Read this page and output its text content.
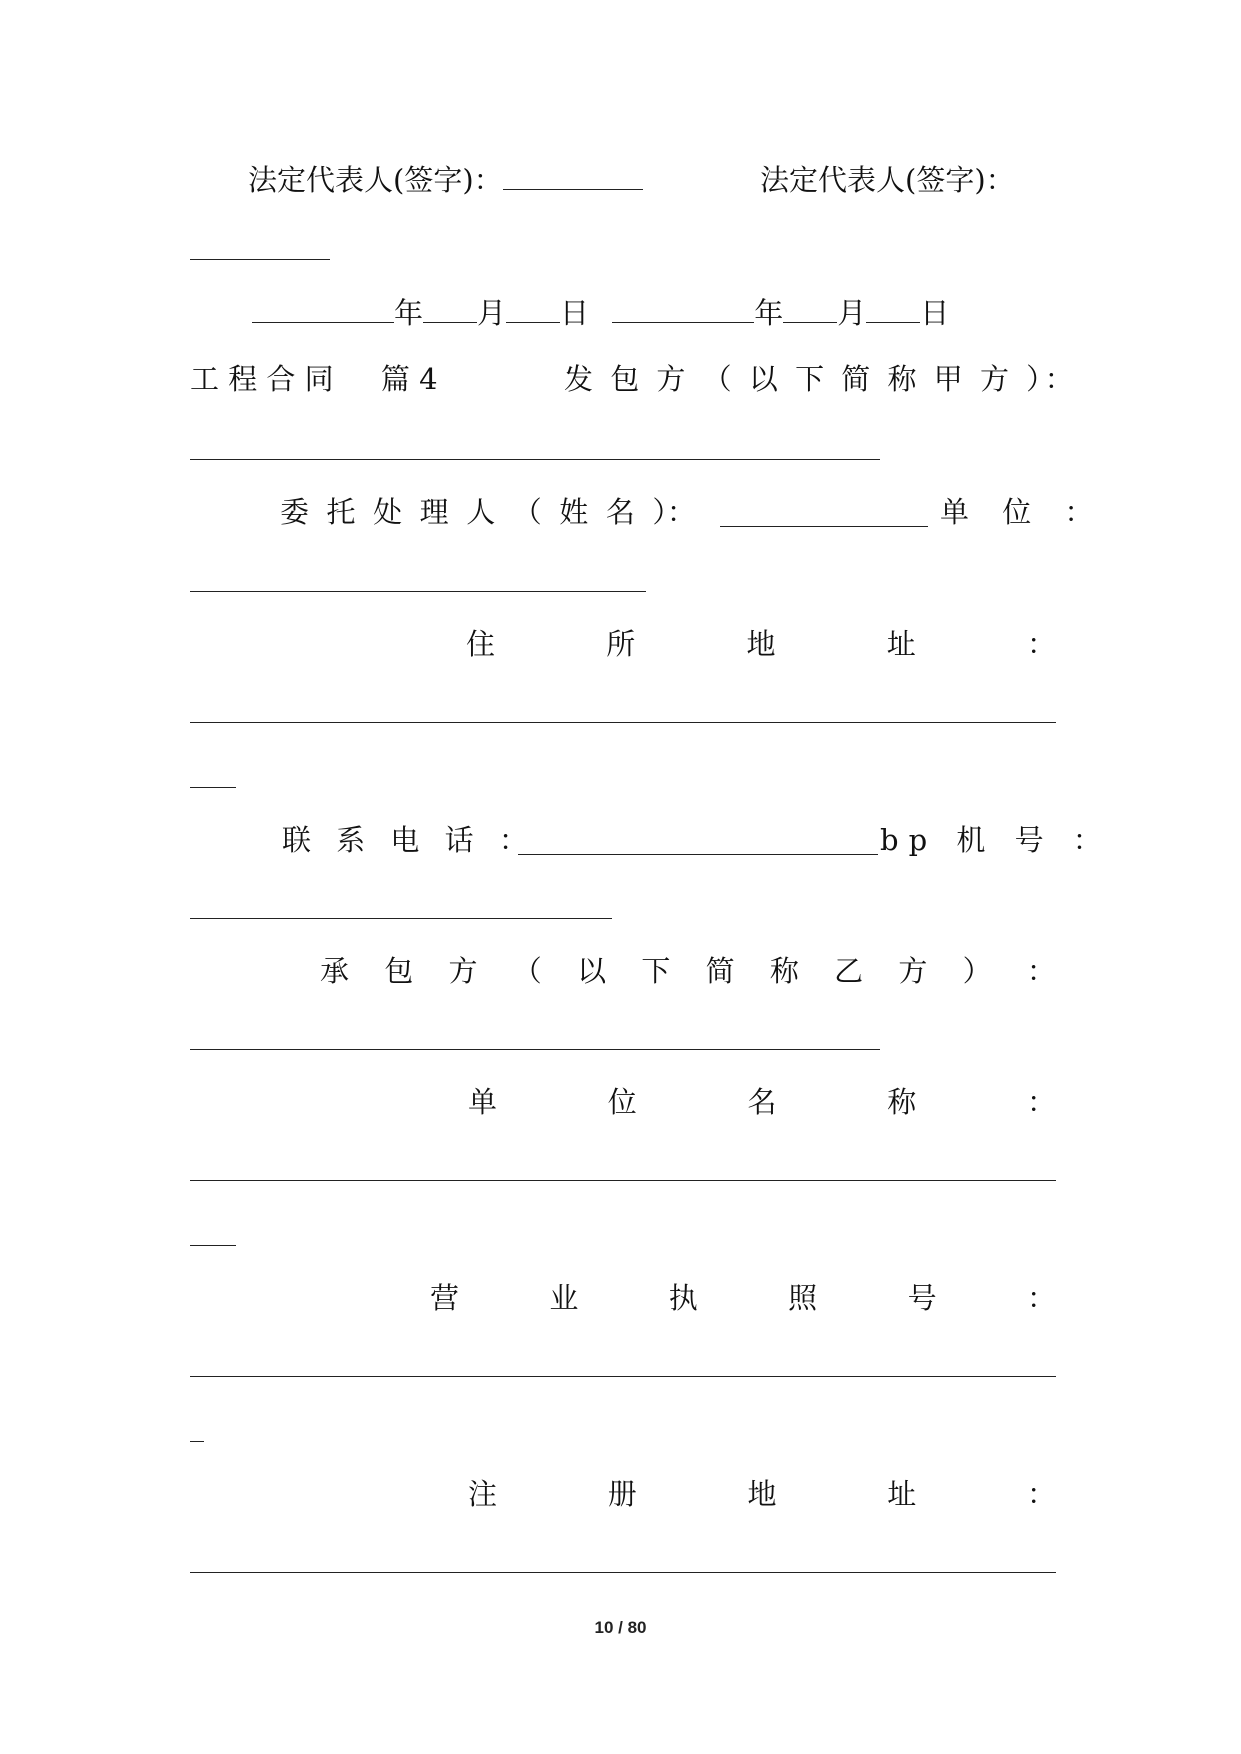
法定代表人(签字)：	法定代表人(签字)：
年 月 日	年 月 日
工 程 合 同 篇 4	发 包 方 （ 以 下 简 称 甲 方 ）：
委 托 处 理 人 （ 姓 名 ）：	单 位 ：
住	所	地	址	：
联 系 电 话 ：	bp 机 号 ：
承 包 方 （ 以 下 简 称 乙 方 ） ：
单	位	名	称	：
营	业	执	照	号	：
注	册	地	址	：
10 / 80
